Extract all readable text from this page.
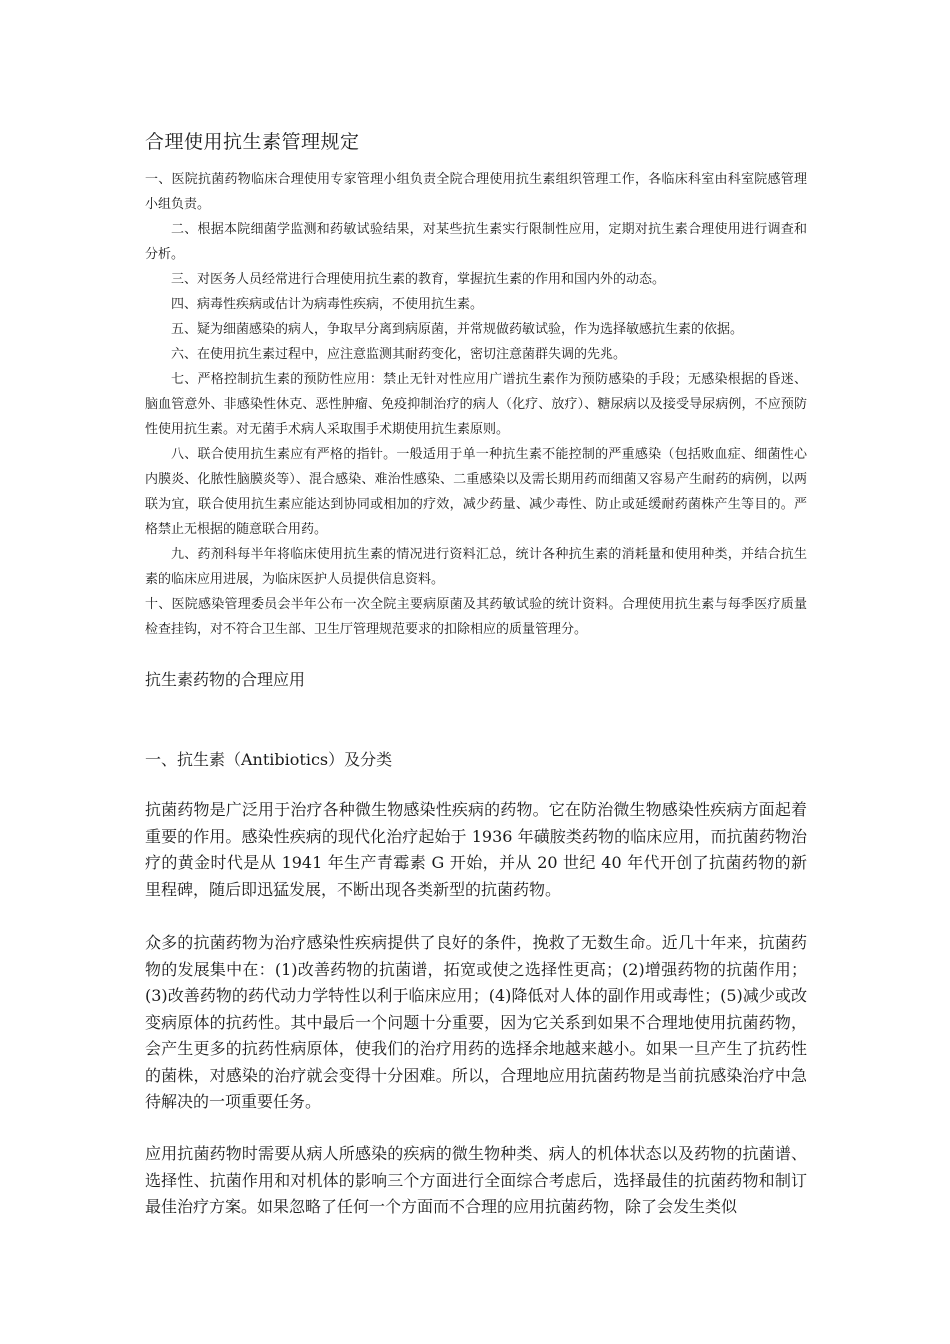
合理使用抗生素管理规定

一、医院抗菌药物临床合理使用专家管理小组负责全院合理使用抗生素组织管理工作，各临床科室由科室院感管理小组负责。

二、根据本院细菌学监测和药敏试验结果，对某些抗生素实行限制性应用，定期对抗生素合理使用进行调查和分析。

三、对医务人员经常进行合理使用抗生素的教育，掌握抗生素的作用和国内外的动态。

四、病毒性疾病或估计为病毒性疾病，不使用抗生素。

五、疑为细菌感染的病人，争取早分离到病原菌，并常规做药敏试验，作为选择敏感抗生素的依据。

六、在使用抗生素过程中，应注意监测其耐药变化，密切注意菌群失调的先兆。

七、严格控制抗生素的预防性应用：禁止无针对性应用广谱抗生素作为预防感染的手段；无感染根据的昏迷、脑血管意外、非感染性休克、恶性肿瘤、免疫抑制治疗的病人（化疗、放疗）、糖尿病以及接受导尿病例，不应预防性使用抗生素。对无菌手术病人采取围手术期使用抗生素原则。

八、联合使用抗生素应有严格的指针。一般适用于单一种抗生素不能控制的严重感染（包括败血症、细菌性心内膜炎、化脓性脑膜炎等）、混合感染、难治性感染、二重感染以及需长期用药而细菌又容易产生耐药的病例，以两联为宜，联合使用抗生素应能达到协同或相加的疗效，减少药量、减少毒性、防止或延缓耐药菌株产生等目的。严格禁止无根据的随意联合用药。

九、药剂科每半年将临床使用抗生素的情况进行资料汇总，统计各种抗生素的消耗量和使用种类，并结合抗生素的临床应用进展，为临床医护人员提供信息资料。

十、医院感染管理委员会半年公布一次全院主要病原菌及其药敏试验的统计资料。合理使用抗生素与每季医疗质量检查挂钩，对不符合卫生部、卫生厅管理规范要求的扣除相应的质量管理分。

抗生素药物的合理应用
一、抗生素（Antibiotics）及分类

抗菌药物是广泛用于治疗各种微生物感染性疾病的药物。它在防治微生物感染性疾病方面起着重要的作用。感染性疾病的现代化治疗起始于 1936 年磺胺类药物的临床应用，而抗菌药物治疗的黄金时代是从 1941 年生产青霉素 G 开始，并从 20 世纪 40 年代开创了抗菌药物的新里程碑，随后即迅猛发展，不断出现各类新型的抗菌药物。

众多的抗菌药物为治疗感染性疾病提供了良好的条件，挽救了无数生命。近几十年来，抗菌药物的发展集中在：(1)改善药物的抗菌谱，拓宽或使之选择性更高；(2)增强药物的抗菌作用；(3)改善药物的药代动力学特性以利于临床应用；(4)降低对人体的副作用或毒性；(5)减少或改变病原体的抗药性。其中最后一个问题十分重要，因为它关系到如果不合理地使用抗菌药物，会产生更多的抗药性病原体，使我们的治疗用药的选择余地越来越小。如果一旦产生了抗药性的菌株，对感染的治疗就会变得十分困难。所以，合理地应用抗菌药物是当前抗感染治疗中急待解决的一项重要任务。

应用抗菌药物时需要从病人所感染的疾病的微生物种类、病人的机体状态以及药物的抗菌谱、选择性、抗菌作用和对机体的影响三个方面进行全面综合考虑后，选择最佳的抗菌药物和制订最佳治疗方案。如果忽略了任何一个方面而不合理的应用抗菌药物，除了会发生类似
